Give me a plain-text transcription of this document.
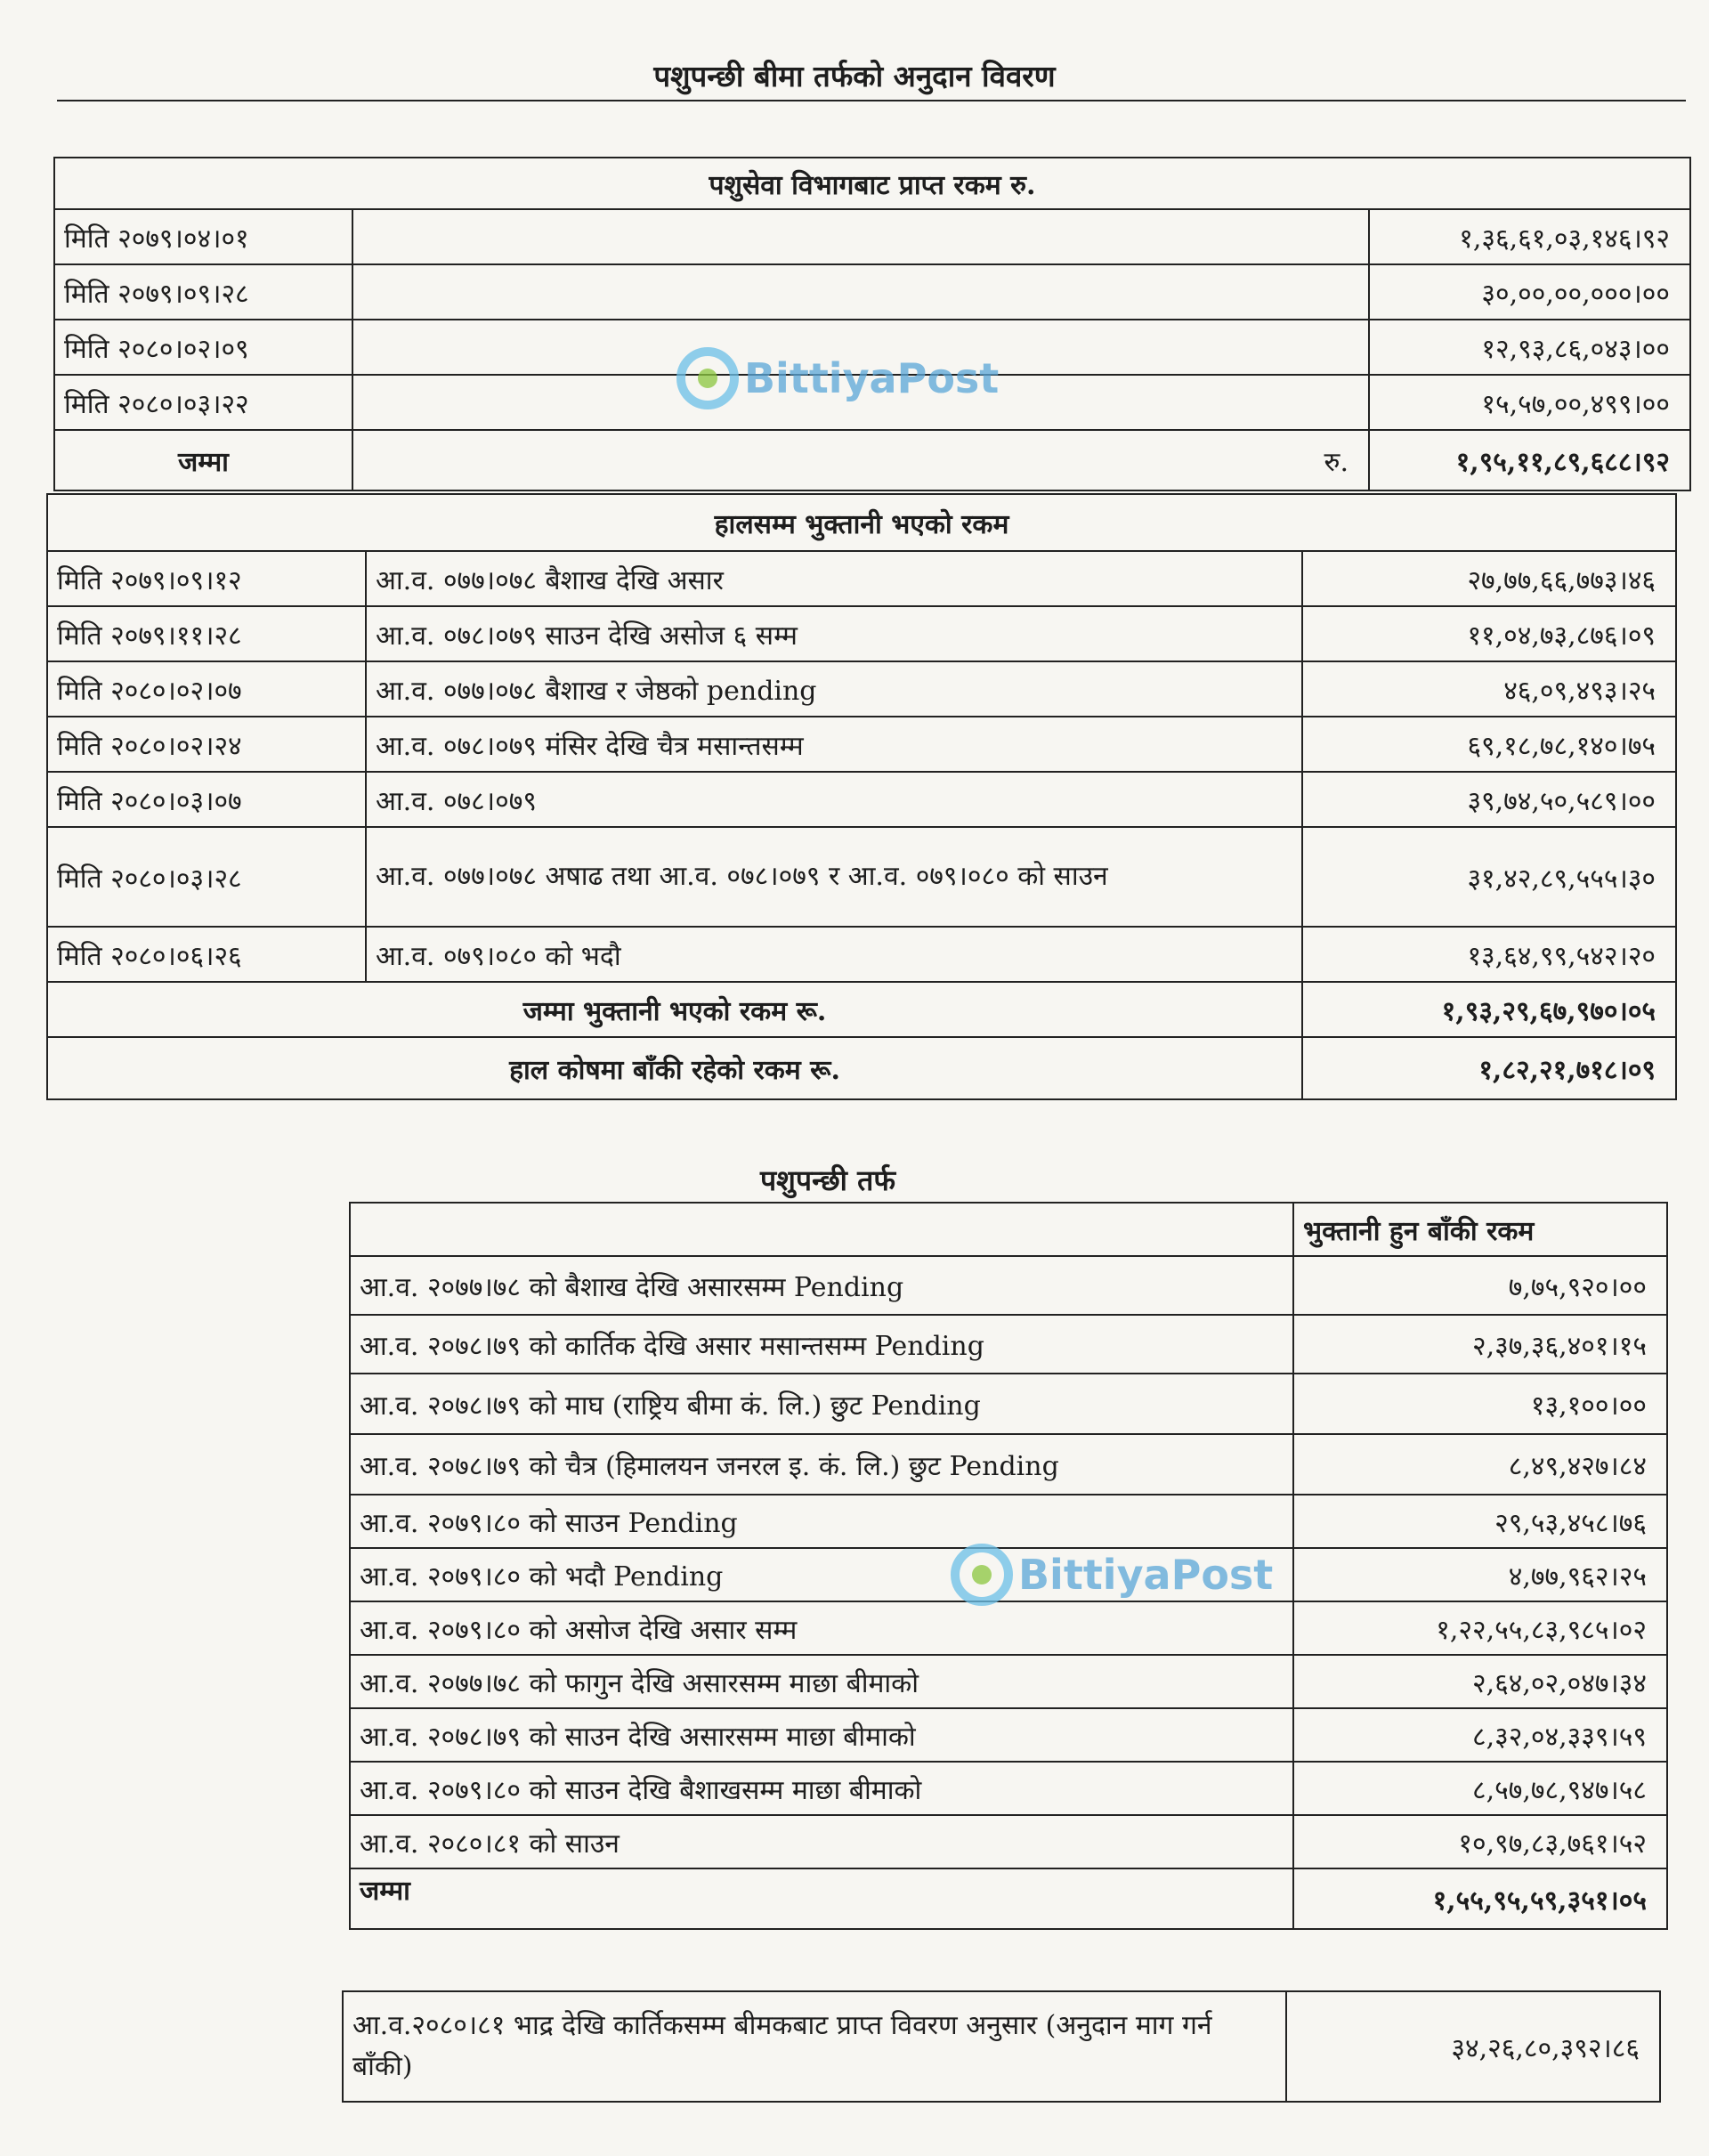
पशुपन्छी बीमा तर्फको अनुदान विवरण
पशुसेवा विभागबाट प्राप्त रकम रु.		
मिति २०७९।०४।०१		१,३६,६१,०३,१४६।९२
मिति २०७९।०९।२८		३०,००,००,०००।००
मिति २०८०।०२।०९		१२,९३,८६,०४३।००
मिति २०८०।०३।२२		१५,५७,००,४९९।००
जम्मा	रु.	१,९५,११,८९,६८८।९२
हालसम्म भुक्तानी भएको रकम		
मिति २०७९।०९।१२	आ.व. ०७७।०७८ बैशाख देखि असार	२७,७७,६६,७७३।४६
मिति २०७९।११।२८	आ.व. ०७८।०७९ साउन देखि असोज ६ सम्म	११,०४,७३,८७६।०९
मिति २०८०।०२।०७	आ.व. ०७७।०७८ बैशाख र जेष्ठको pending	४६,०९,४९३।२५
मिति २०८०।०२।२४	आ.व. ०७८।०७९ मंसिर देखि चैत्र मसान्तसम्म	६९,१८,७८,१४०।७५
मिति २०८०।०३।०७	आ.व. ०७८।०७९	३९,७४,५०,५८९।००
मिति २०८०।०३।२८	आ.व. ०७७।०७८ अषाढ तथा आ.व. ०७८।०७९ र आ.व. ०७९।०८० को साउन	३१,४२,८९,५५५।३०
मिति २०८०।०६।२६	आ.व. ०७९।०८० को भदौ	१३,६४,९९,५४२।२०
जम्मा भुक्तानी भएको रकम रू.		१,९३,२९,६७,९७०।०५
हाल कोषमा बाँकी रहेको रकम रू.		१,८२,२१,७१८।०९
पशुपन्छी तर्फ
	भुक्तानी हुन बाँकी रकम
आ.व. २०७७।७८ को बैशाख देखि असारसम्म Pending	७,७५,९२०।००
आ.व. २०७८।७९ को कार्तिक देखि असार मसान्तसम्म Pending	२,३७,३६,४०१।१५
आ.व. २०७८।७९ को माघ (राष्ट्रिय बीमा कं. लि.) छुट Pending	१३,१००।००
आ.व. २०७८।७९ को चैत्र (हिमालयन जनरल इ. कं. लि.) छुट Pending	८,४९,४२७।८४
आ.व. २०७९।८० को साउन Pending	२९,५३,४५८।७६
आ.व. २०७९।८० को भदौ Pending	४,७७,९६२।२५
आ.व. २०७९।८० को असोज देखि असार सम्म	१,२२,५५,८३,९८५।०२
आ.व. २०७७।७८ को फागुन देखि असारसम्म माछा बीमाको	२,६४,०२,०४७।३४
आ.व. २०७८।७९ को साउन देखि असारसम्म माछा बीमाको	८,३२,०४,३३९।५९
आ.व. २०७९।८० को साउन देखि बैशाखसम्म माछा बीमाको	८,५७,७८,९४७।५८
आ.व. २०८०।८१ को साउन	१०,९७,८३,७६१।५२
जम्मा	१,५५,९५,५९,३५१।०५
आ.व.२०८०।८१ भाद्र देखि कार्तिकसम्म बीमकबाट प्राप्त विवरण अनुसार (अनुदान माग गर्न बाँकी)	३४,२६,८०,३९२।८६
BittiyaPost
BittiyaPost
